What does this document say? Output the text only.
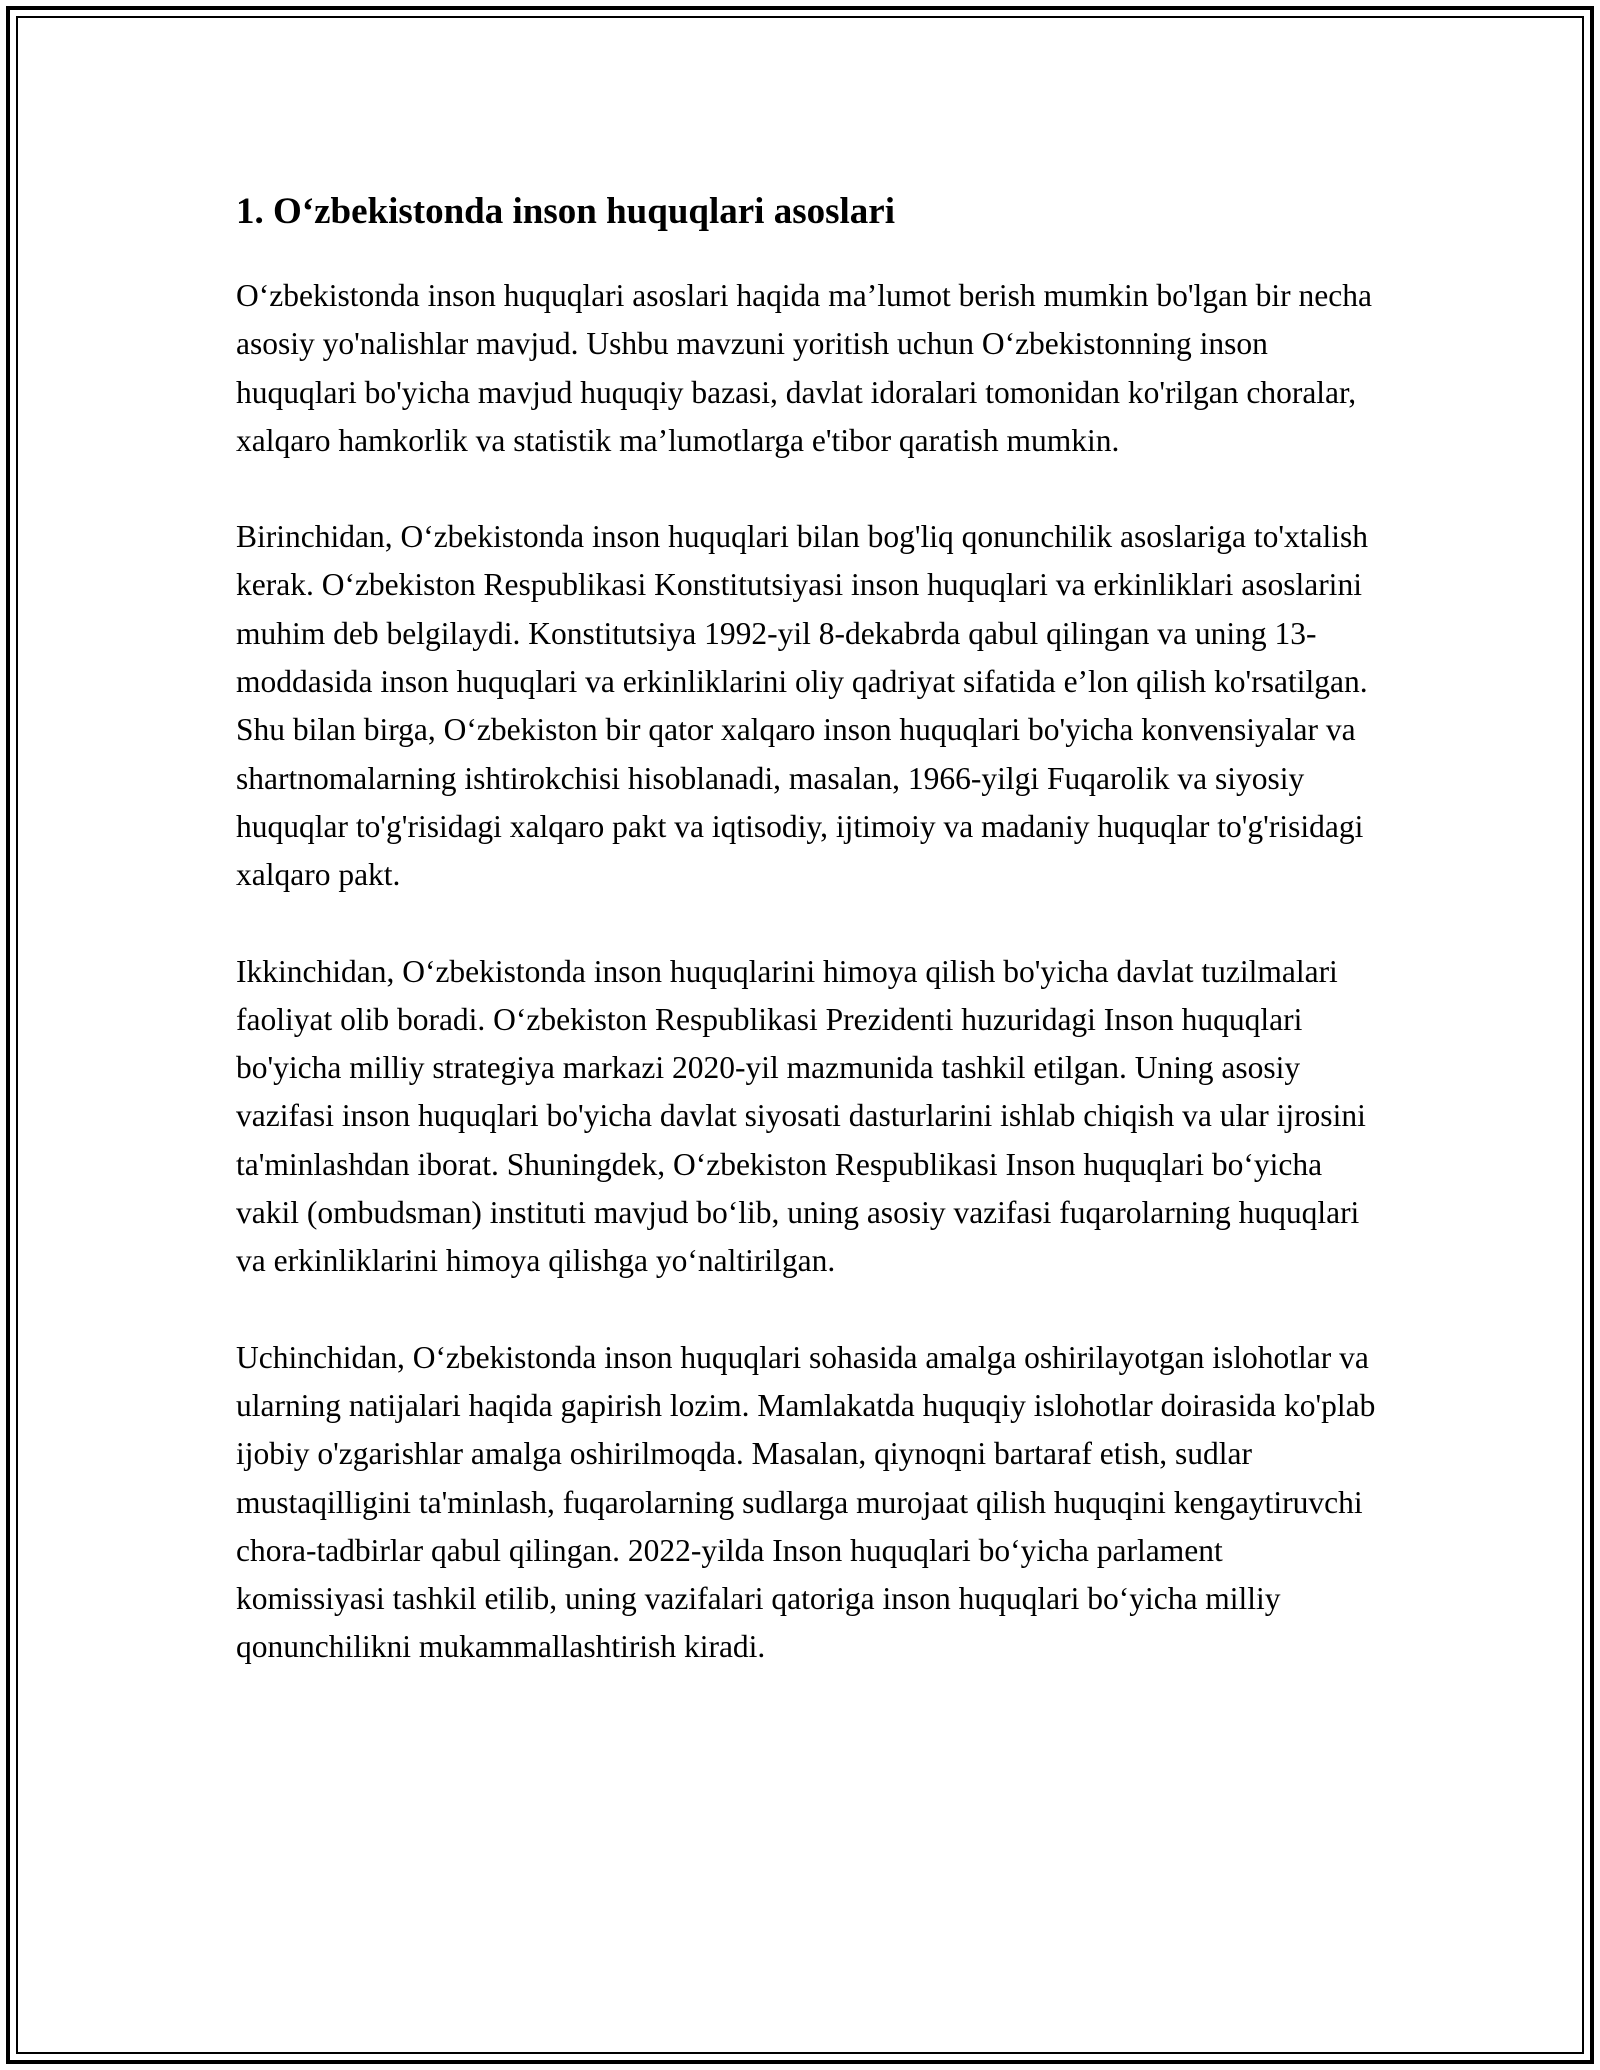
1. O‘zbekistonda inson huquqlari asoslari

O‘zbekistonda inson huquqlari asoslari haqida ma’lumot berish mumkin bo'lgan bir necha asosiy yo'nalishlar mavjud. Ushbu mavzuni yoritish uchun O‘zbekistonning inson huquqlari bo'yicha mavjud huquqiy bazasi, davlat idoralari tomonidan ko'rilgan choralar, xalqaro hamkorlik va statistik ma’lumotlarga e'tibor qaratish mumkin.

Birinchidan, O‘zbekistonda inson huquqlari bilan bog'liq qonunchilik asoslariga to'xtalish kerak. O‘zbekiston Respublikasi Konstitutsiyasi inson huquqlari va erkinliklari asoslarini muhim deb belgilaydi. Konstitutsiya 1992-yil 8-dekabrda qabul qilingan va uning 13-moddasida inson huquqlari va erkinliklarini oliy qadriyat sifatida e’lon qilish ko'rsatilgan. Shu bilan birga, O‘zbekiston bir qator xalqaro inson huquqlari bo'yicha konvensiyalar va shartnomalarning ishtirokchisi hisoblanadi, masalan, 1966-yilgi Fuqarolik va siyosiy huquqlar to'g'risidagi xalqaro pakt va iqtisodiy, ijtimoiy va madaniy huquqlar to'g'risidagi xalqaro pakt.

Ikkinchidan, O‘zbekistonda inson huquqlarini himoya qilish bo'yicha davlat tuzilmalari faoliyat olib boradi. O‘zbekiston Respublikasi Prezidenti huzuridagi Inson huquqlari bo'yicha milliy strategiya markazi 2020-yil mazmunida tashkil etilgan. Uning asosiy vazifasi inson huquqlari bo'yicha davlat siyosati dasturlarini ishlab chiqish va ular ijrosini ta'minlashdan iborat. Shuningdek, O‘zbekiston Respublikasi Inson huquqlari bo‘yicha vakil (ombudsman) instituti mavjud bo‘lib, uning asosiy vazifasi fuqarolarning huquqlari va erkinliklarini himoya qilishga yo‘naltirilgan.

Uchinchidan, O‘zbekistonda inson huquqlari sohasida amalga oshirilayotgan islohotlar va ularning natijalari haqida gapirish lozim. Mamlakatda huquqiy islohotlar doirasida ko'plab ijobiy o'zgarishlar amalga oshirilmoqda. Masalan, qiynoqni bartaraf etish, sudlar mustaqilligini ta'minlash, fuqarolarning sudlarga murojaat qilish huquqini kengaytiruvchi chora-tadbirlar qabul qilingan. 2022-yilda Inson huquqlari bo‘yicha parlament komissiyasi tashkil etilib, uning vazifalari qatoriga inson huquqlari bo‘yicha milliy qonunchilikni mukammallashtirish kiradi.
